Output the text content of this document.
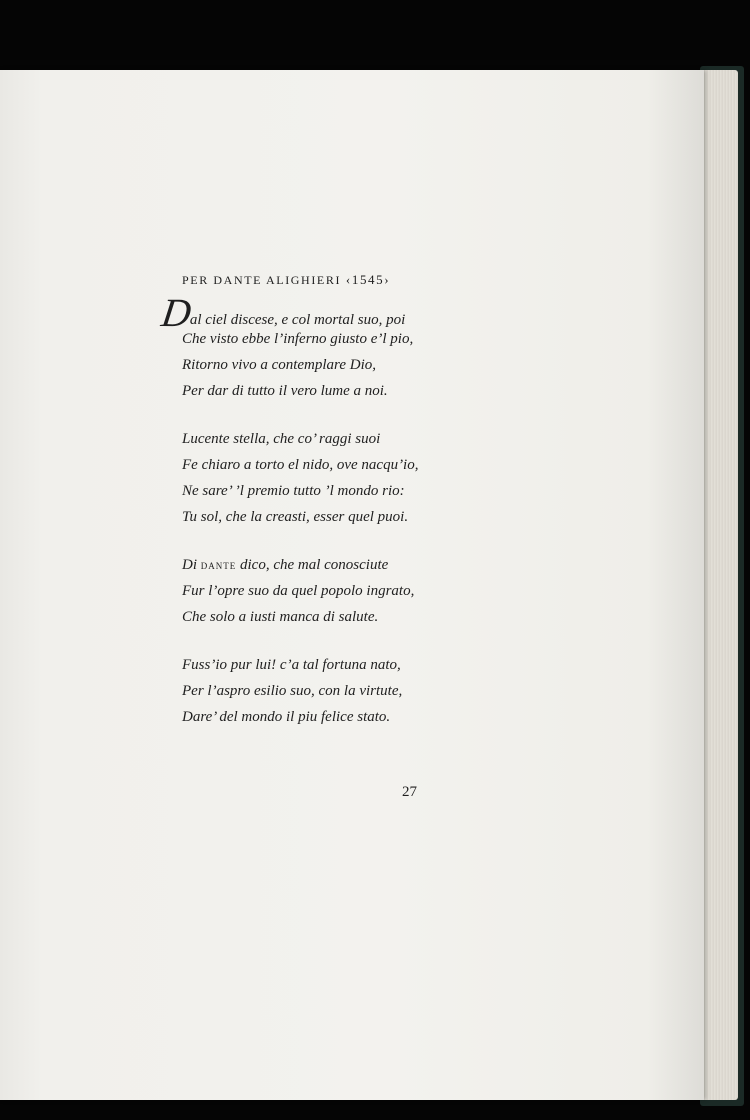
PER DANTE ALIGHIERI ‹1545›
Dal ciel discese, e col mortal suo, poi
Che visto ebbe l’inferno giusto e’l pio,
Ritorno vivo a contemplare Dio,
Per dar di tutto il vero lume a noi.
Lucente stella, che co’ raggi suoi
Fe chiaro a torto el nido, ove nacqu’io,
Ne sare’ ’l premio tutto ’l mondo rio:
Tu sol, che la creasti, esser quel puoi.
Di dante dico, che mal conosciute
Fur l’opre suo da quel popolo ingrato,
Che solo a iusti manca di salute.
Fuss’io pur lui! c’a tal fortuna nato,
Per l’aspro esilio suo, con la virtute,
Dare’ del mondo il piu felice stato.
27
